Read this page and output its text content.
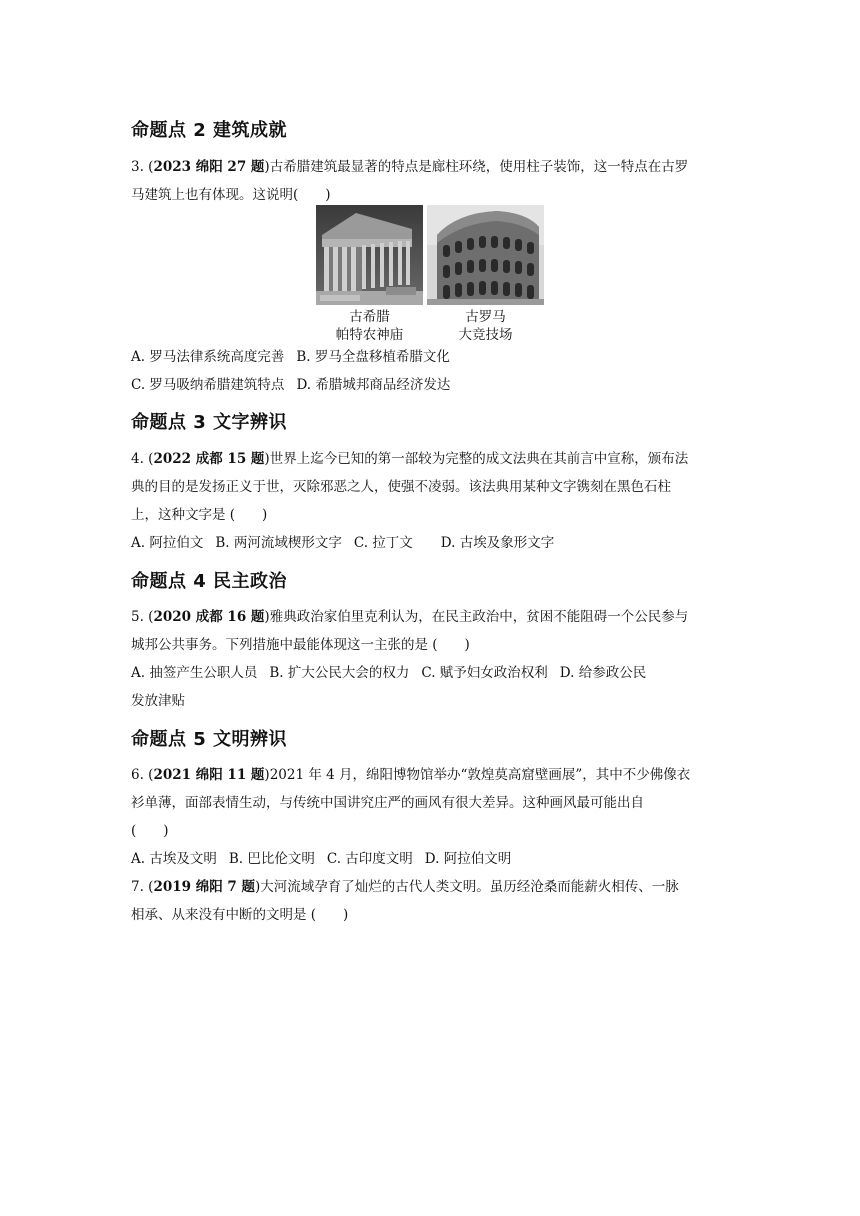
命题点 2 建筑成就
3. (2023 绵阳 27 题)古希腊建筑最显著的特点是廊柱环绕，使用柱子装饰，这一特点在古罗
马建筑上也有体现。这说明(　　)
古希腊
帕特农神庙
古罗马
大竞技场
A. 罗马法律系统高度完善 B. 罗马全盘移植希腊文化
C. 罗马吸纳希腊建筑特点 D. 希腊城邦商品经济发达
命题点 3 文字辨识
4. (2022 成都 15 题)世界上迄今已知的第一部较为完整的成文法典在其前言中宣称，颁布法
典的目的是发扬正义于世，灭除邪恶之人，使强不凌弱。该法典用某种文字镌刻在黑色石柱
上，这种文字是 (　　)
A. 阿拉伯文 B. 两河流域楔形文字 C. 拉丁文 D. 古埃及象形文字
命题点 4 民主政治
5. (2020 成都 16 题)雅典政治家伯里克利认为，在民主政治中，贫困不能阻碍一个公民参与
城邦公共事务。下列措施中最能体现这一主张的是 (　　)
A. 抽签产生公职人员 B. 扩大公民大会的权力 C. 赋予妇女政治权利 D. 给参政公民
发放津贴
命题点 5 文明辨识
6. (2021 绵阳 11 题)2021 年 4 月，绵阳博物馆举办“敦煌莫高窟壁画展”，其中不少佛像衣
衫单薄，面部表情生动，与传统中国讲究庄严的画风有很大差异。这种画风最可能出自
(　　)
A. 古埃及文明 B. 巴比伦文明 C. 古印度文明 D. 阿拉伯文明
7. (2019 绵阳 7 题)大河流域孕育了灿烂的古代人类文明。虽历经沧桑而能薪火相传、一脉
相承、从来没有中断的文明是 (　　)
